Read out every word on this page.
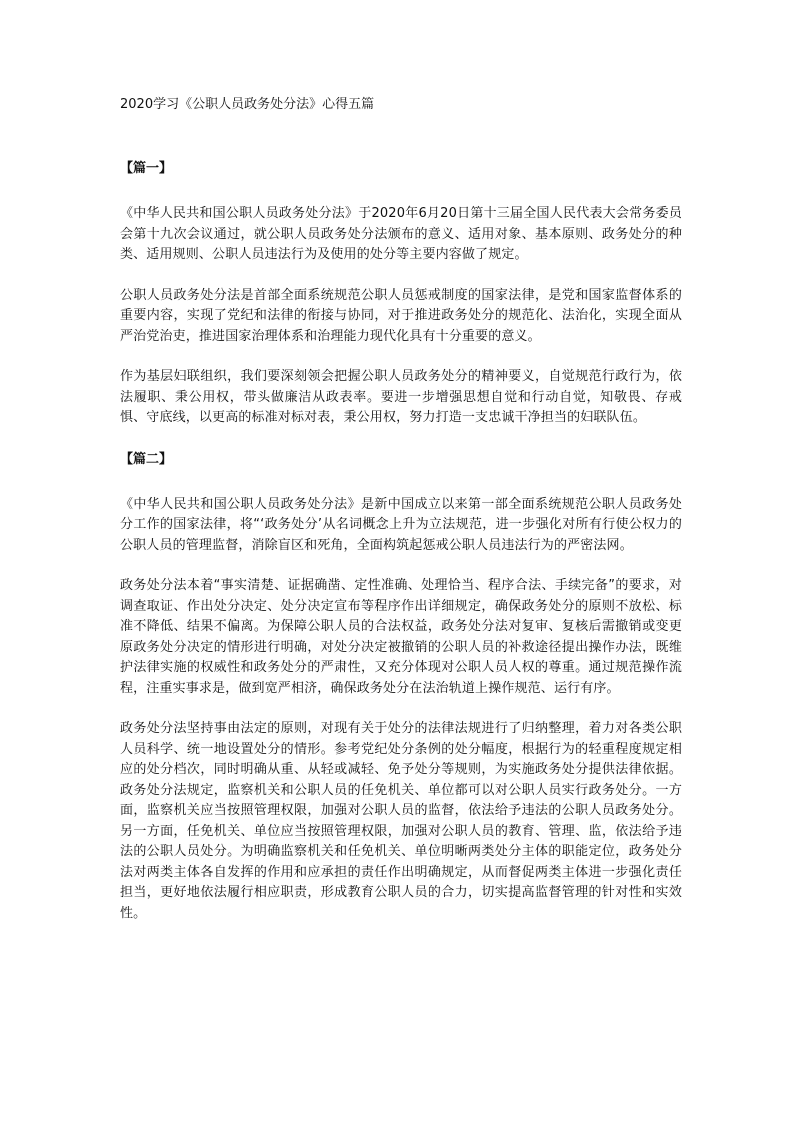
2020学习《公职人员政务处分法》心得五篇
【篇一】

《中华人民共和国公职人员政务处分法》于2020年6月20日第十三届全国人民代表大会常务委员会第十九次会议通过，就公职人员政务处分法颁布的意义、适用对象、基本原则、政务处分的种类、适用规则、公职人员违法行为及使用的处分等主要内容做了规定。

公职人员政务处分法是首部全面系统规范公职人员惩戒制度的国家法律，是党和国家监督体系的重要内容，实现了党纪和法律的衔接与协同，对于推进政务处分的规范化、法治化，实现全面从严治党治吏，推进国家治理体系和治理能力现代化具有十分重要的意义。

作为基层妇联组织，我们要深刻领会把握公职人员政务处分的精神要义，自觉规范行政行为，依法履职、秉公用权，带头做廉洁从政表率。要进一步增强思想自觉和行动自觉，知敬畏、存戒惧、守底线，以更高的标准对标对表，秉公用权，努力打造一支忠诚干净担当的妇联队伍。

【篇二】

《中华人民共和国公职人员政务处分法》是新中国成立以来第一部全面系统规范公职人员政务处分工作的国家法律，将“‘政务处分’从名词概念上升为立法规范，进一步强化对所有行使公权力的公职人员的管理监督，消除盲区和死角，全面构筑起惩戒公职人员违法行为的严密法网。

政务处分法本着“事实清楚、证据确凿、定性准确、处理恰当、程序合法、手续完备”的要求，对调查取证、作出处分决定、处分决定宣布等程序作出详细规定，确保政务处分的原则不放松、标准不降低、结果不偏离。为保障公职人员的合法权益，政务处分法对复审、复核后需撤销或变更原政务处分决定的情形进行明确，对处分决定被撤销的公职人员的补救途径提出操作办法，既维护法律实施的权威性和政务处分的严肃性，又充分体现对公职人员人权的尊重。通过规范操作流程，注重实事求是，做到宽严相济，确保政务处分在法治轨道上操作规范、运行有序。

政务处分法坚持事由法定的原则，对现有关于处分的法律法规进行了归纳整理，着力对各类公职人员科学、统一地设置处分的情形。参考党纪处分条例的处分幅度，根据行为的轻重程度规定相应的处分档次，同时明确从重、从轻或减轻、免予处分等规则，为实施政务处分提供法律依据。政务处分法规定，监察机关和公职人员的任免机关、单位都可以对公职人员实行政务处分。一方面，监察机关应当按照管理权限，加强对公职人员的监督，依法给予违法的公职人员政务处分。另一方面，任免机关、单位应当按照管理权限，加强对公职人员的教育、管理、监，依法给予违法的公职人员处分。为明确监察机关和任免机关、单位明晰两类处分主体的职能定位，政务处分法对两类主体各自发挥的作用和应承担的责任作出明确规定，从而督促两类主体进一步强化责任担当，更好地依法履行相应职责，形成教育公职人员的合力，切实提高监督管理的针对性和实效性。
